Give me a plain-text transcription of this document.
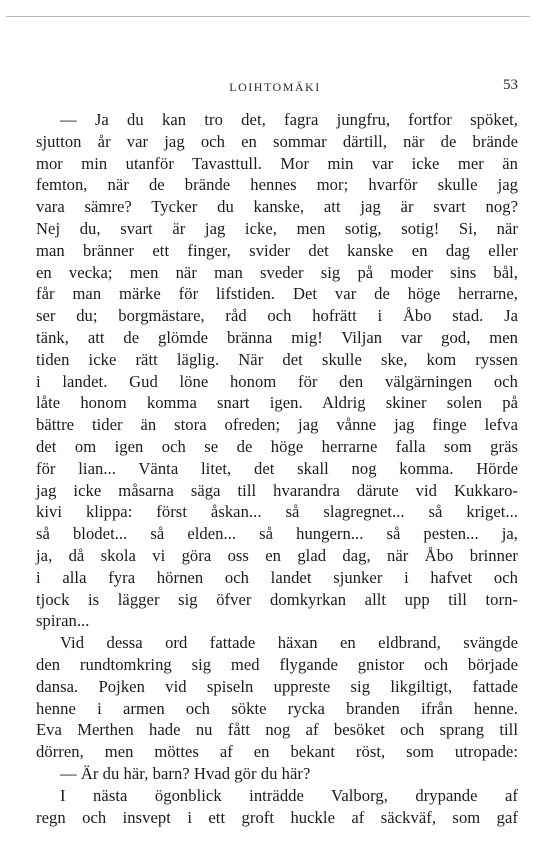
LOIHTOMÄKI	53
— Ja du kan tro det, fagra jungfru, fortfor spöket,
sjutton år var jag och en sommar därtill, när de brände
mor min utanför Tavasttull. Mor min var icke mer än
femton, när de brände hennes mor; hvarför skulle jag
vara sämre? Tycker du kanske, att jag är svart nog?
Nej du, svart är jag icke, men sotig, sotig! Si, när
man bränner ett finger, svider det kanske en dag eller
en vecka; men när man sveder sig på moder sins bål,
får man märke för lifstiden. Det var de höge herrarne,
ser du; borgmästare, råd och hofrätt i Åbo stad. Ja
tänk, att de glömde bränna mig! Viljan var god, men
tiden icke rätt läglig. När det skulle ske, kom ryssen
i landet. Gud löne honom för den välgärningen och
låte honom komma snart igen. Aldrig skiner solen på
bättre tider än stora ofreden; jag vånne jag finge lefva
det om igen och se de höge herrarne falla som gräs
för lian... Vänta litet, det skall nog komma. Hörde
jag icke måsarna säga till hvarandra därute vid Kukkaro-
kivi klippa: först åskan... så slagregnet... så kriget...
så blodet... så elden... så hungern... så pesten... ja,
ja, då skola vi göra oss en glad dag, när Åbo brinner
i alla fyra hörnen och landet sjunker i hafvet och
tjock is lägger sig öfver domkyrkan allt upp till torn-
spiran...
Vid dessa ord fattade häxan en eldbrand, svängde
den rundtomkring sig med flygande gnistor och började
dansa. Pojken vid spiseln uppreste sig likgiltigt, fattade
henne i armen och sökte rycka branden ifrån henne.
Eva Merthen hade nu fått nog af besöket och sprang till
dörren, men möttes af en bekant röst, som utropade:
— Är du här, barn? Hvad gör du här?
I nästa ögonblick inträdde Valborg, drypande af
regn och insvept i ett groft huckle af säckväf, som gaf
